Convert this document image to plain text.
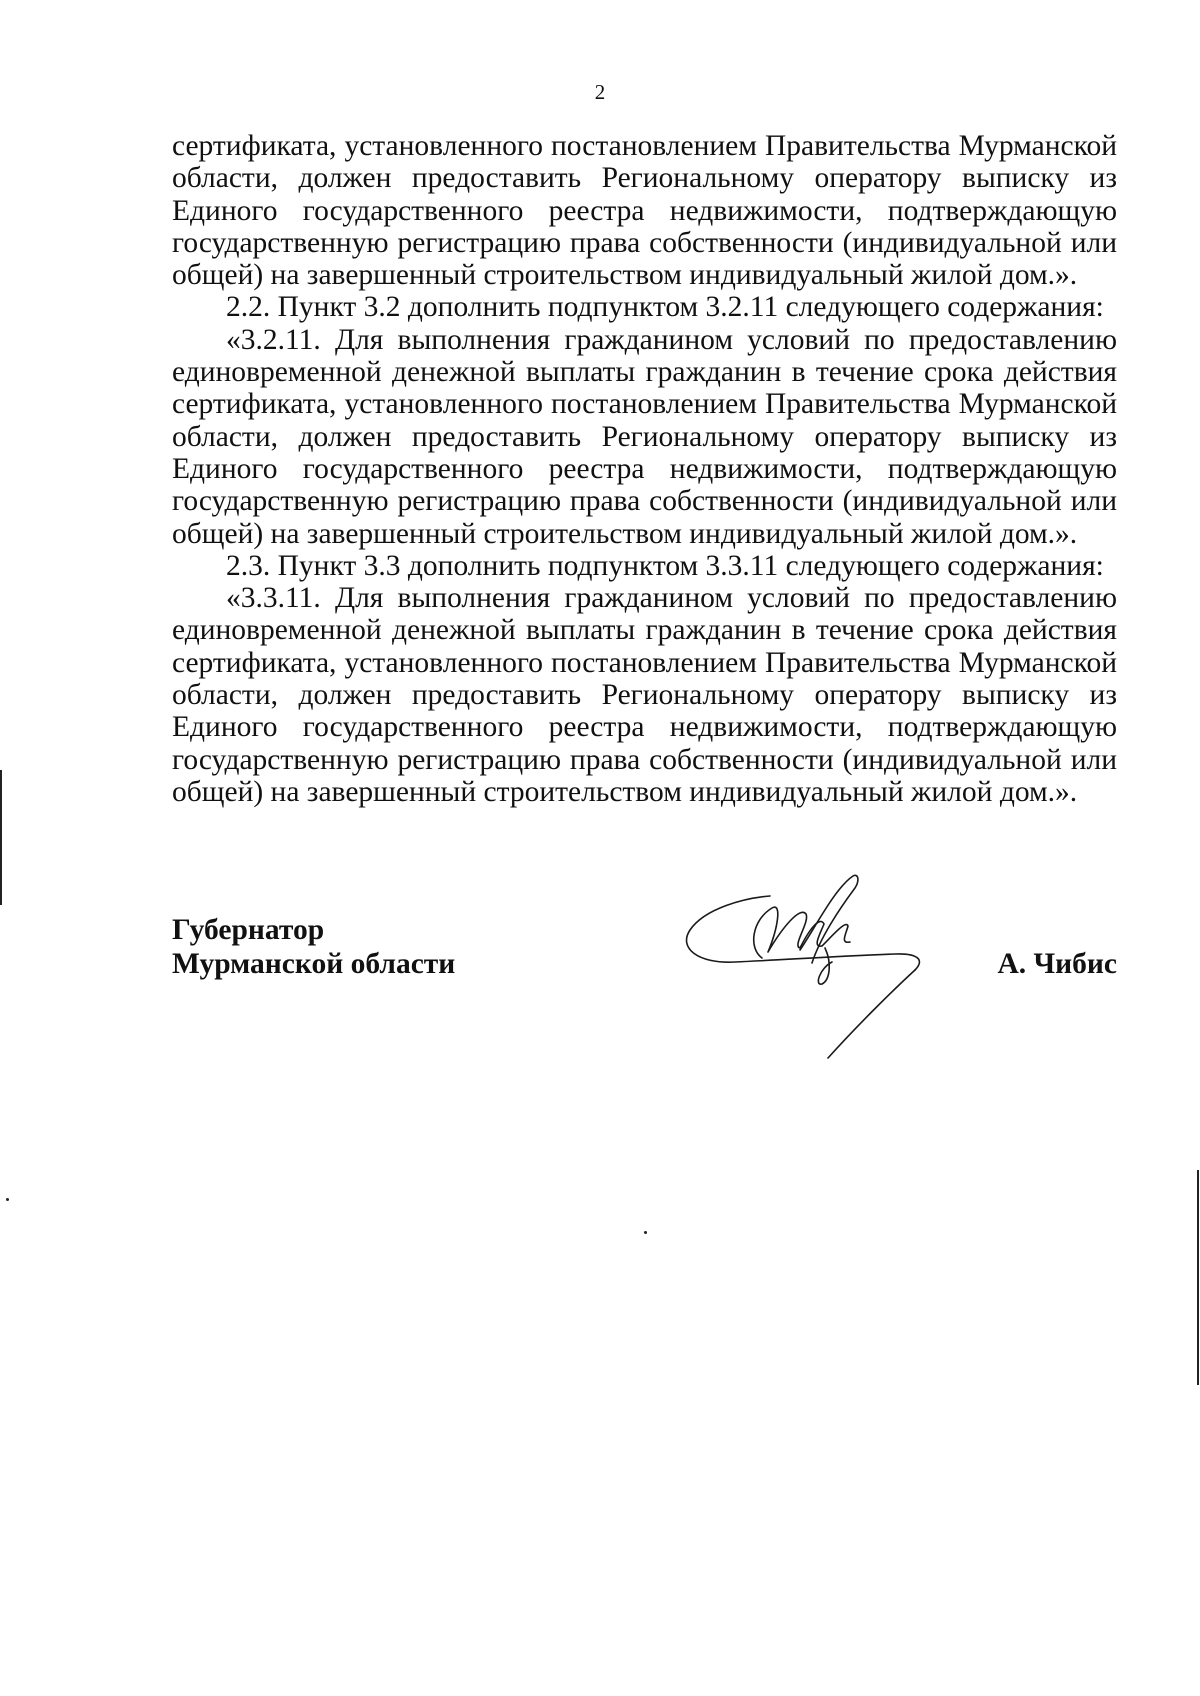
2

сертификата, установленного постановлением Правительства Мурманской области, должен предоставить Региональному оператору выписку из Единого государственного реестра недвижимости, подтверждающую государственную регистрацию права собственности (индивидуальной или общей) на завершенный строительством индивидуальный жилой дом.».

2.2. Пункт 3.2 дополнить подпунктом 3.2.11 следующего содержания:

«3.2.11. Для выполнения гражданином условий по предоставлению единовременной денежной выплаты гражданин в течение срока действия сертификата, установленного постановлением Правительства Мурманской области, должен предоставить Региональному оператору выписку из Единого государственного реестра недвижимости, подтверждающую государственную регистрацию права собственности (индивидуальной или общей) на завершенный строительством индивидуальный жилой дом.».

2.3. Пункт 3.3 дополнить подпунктом 3.3.11 следующего содержания:

«3.3.11. Для выполнения гражданином условий по предоставлению единовременной денежной выплаты гражданин в течение срока действия сертификата, установленного постановлением Правительства Мурманской области, должен предоставить Региональному оператору выписку из Единого государственного реестра недвижимости, подтверждающую государственную регистрацию права собственности (индивидуальной или общей) на завершенный строительством индивидуальный жилой дом.».

Губернатор
Мурманской области	А. Чибис
